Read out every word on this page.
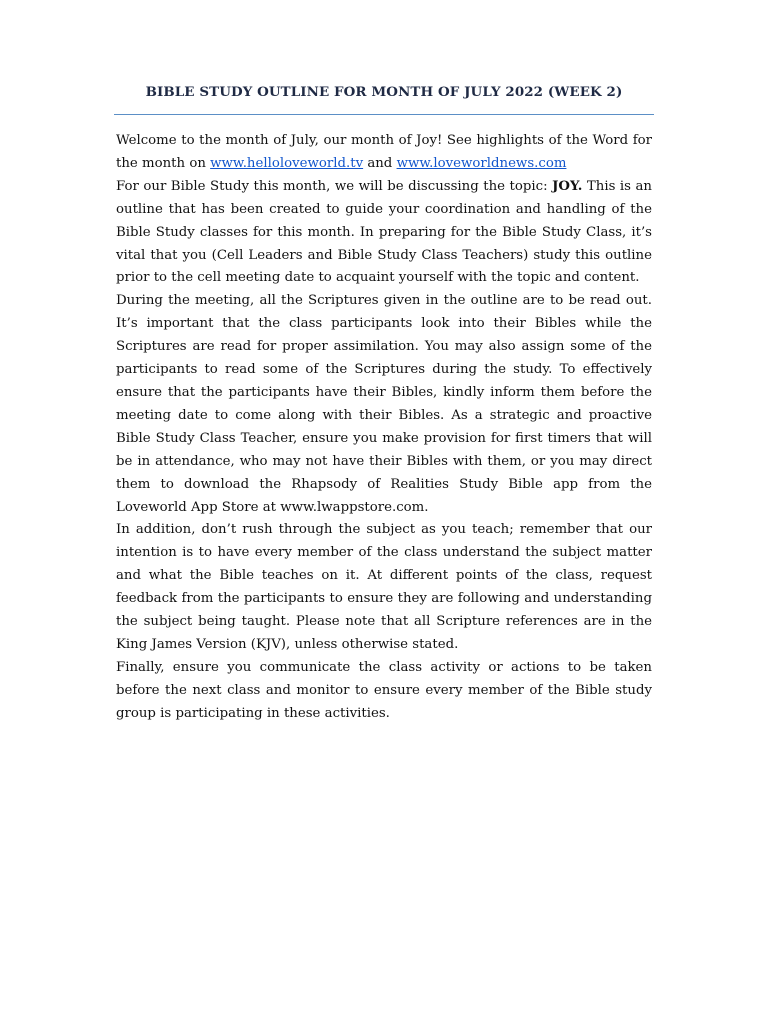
BIBLE STUDY OUTLINE FOR MONTH OF JULY 2022 (WEEK 2)

Welcome to the month of July, our month of Joy! See highlights of the Word for the month on www.helloloveworld.tv and www.loveworldnews.com

For our Bible Study this month, we will be discussing the topic: JOY. This is an outline that has been created to guide your coordination and handling of the Bible Study classes for this month. In preparing for the Bible Study Class, it’s vital that you (Cell Leaders and Bible Study Class Teachers) study this outline prior to the cell meeting date to acquaint yourself with the topic and content.

During the meeting, all the Scriptures given in the outline are to be read out. It’s important that the class participants look into their Bibles while the Scriptures are read for proper assimilation. You may also assign some of the participants to read some of the Scriptures during the study. To effectively ensure that the participants have their Bibles, kindly inform them before the meeting date to come along with their Bibles. As a strategic and proactive Bible Study Class Teacher, ensure you make provision for first timers that will be in attendance, who may not have their Bibles with them, or you may direct them to download the Rhapsody of Realities Study Bible app from the Loveworld App Store at www.lwappstore.com.

In addition, don’t rush through the subject as you teach; remember that our intention is to have every member of the class understand the subject matter and what the Bible teaches on it. At different points of the class, request feedback from the participants to ensure they are following and understanding the subject being taught. Please note that all Scripture references are in the King James Version (KJV), unless otherwise stated.

Finally, ensure you communicate the class activity or actions to be taken before the next class and monitor to ensure every member of the Bible study group is participating in these activities.
